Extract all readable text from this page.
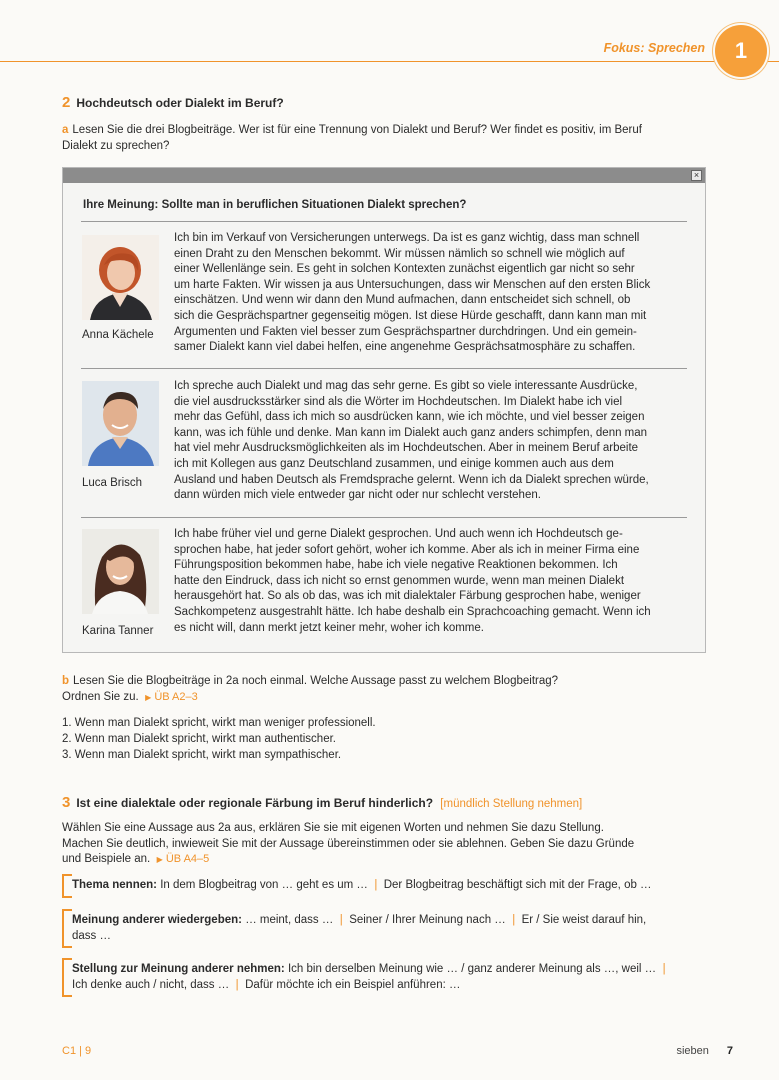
Fokus: Sprechen	1
2 Hochdeutsch oder Dialekt im Beruf?
a Lesen Sie die drei Blogbeiträge. Wer ist für eine Trennung von Dialekt und Beruf? Wer findet es positiv, im Beruf
Dialekt zu sprechen?
×
Ihre Meinung: Sollte man in beruflichen Situationen Dialekt sprechen?
Anna Kächele
Ich bin im Verkauf von Versicherungen unterwegs. Da ist es ganz wichtig, dass man schnell
einen Draht zu den Menschen bekommt. Wir müssen nämlich so schnell wie möglich auf
einer Wellenlänge sein. Es geht in solchen Kontexten zunächst eigentlich gar nicht so sehr
um harte Fakten. Wir wissen ja aus Untersuchungen, dass wir Menschen auf den ersten Blick
einschätzen. Und wenn wir dann den Mund aufmachen, dann entscheidet sich schnell, ob
sich die Gesprächspartner gegenseitig mögen. Ist diese Hürde geschafft, dann kann man mit
Argumenten und Fakten viel besser zum Gesprächspartner durchdringen. Und ein gemein-
samer Dialekt kann viel dabei helfen, eine angenehme Gesprächsatmosphäre zu schaffen.
Luca Brisch
Ich spreche auch Dialekt und mag das sehr gerne. Es gibt so viele interessante Ausdrücke,
die viel ausdrucksstärker sind als die Wörter im Hochdeutschen. Im Dialekt habe ich viel
mehr das Gefühl, dass ich mich so ausdrücken kann, wie ich möchte, und viel besser zeigen
kann, was ich fühle und denke. Man kann im Dialekt auch ganz anders schimpfen, denn man
hat viel mehr Ausdrucksmöglichkeiten als im Hochdeutschen. Aber in meinem Beruf arbeite
ich mit Kollegen aus ganz Deutschland zusammen, und einige kommen auch aus dem
Ausland und haben Deutsch als Fremdsprache gelernt. Wenn ich da Dialekt sprechen würde,
dann würden mich viele entweder gar nicht oder nur schlecht verstehen.
Karina Tanner
Ich habe früher viel und gerne Dialekt gesprochen. Und auch wenn ich Hochdeutsch ge-
sprochen habe, hat jeder sofort gehört, woher ich komme. Aber als ich in meiner Firma eine
Führungsposition bekommen habe, habe ich viele negative Reaktionen bekommen. Ich
hatte den Eindruck, dass ich nicht so ernst genommen wurde, wenn man meinen Dialekt
herausgehört hat. So als ob das, was ich mit dialektaler Färbung gesprochen habe, weniger
Sachkompetenz ausgestrahlt hätte. Ich habe deshalb ein Sprachcoaching gemacht. Wenn ich
es nicht will, dann merkt jetzt keiner mehr, woher ich komme.
b Lesen Sie die Blogbeiträge in 2a noch einmal. Welche Aussage passt zu welchem Blogbeitrag?
Ordnen Sie zu. ▶ ÜB A2–3
1. Wenn man Dialekt spricht, wirkt man weniger professionell.
2. Wenn man Dialekt spricht, wirkt man authentischer.
3. Wenn man Dialekt spricht, wirkt man sympathischer.
3 Ist eine dialektale oder regionale Färbung im Beruf hinderlich? [mündlich Stellung nehmen]
Wählen Sie eine Aussage aus 2a aus, erklären Sie sie mit eigenen Worten und nehmen Sie dazu Stellung.
Machen Sie deutlich, inwieweit Sie mit der Aussage übereinstimmen oder sie ablehnen. Geben Sie dazu Gründe
und Beispiele an. ▶ ÜB A4–5
Thema nennen: In dem Blogbeitrag von … geht es um …  |  Der Blogbeitrag beschäftigt sich mit der Frage, ob …
Meinung anderer wiedergeben: … meint, dass …  |  Seiner / Ihrer Meinung nach …  |  Er / Sie weist darauf hin,
dass …
Stellung zur Meinung anderer nehmen: Ich bin derselben Meinung wie … / ganz anderer Meinung als …, weil …  |
Ich denke auch / nicht, dass …  |  Dafür möchte ich ein Beispiel anführen: …
C1 | 9	sieben 7
